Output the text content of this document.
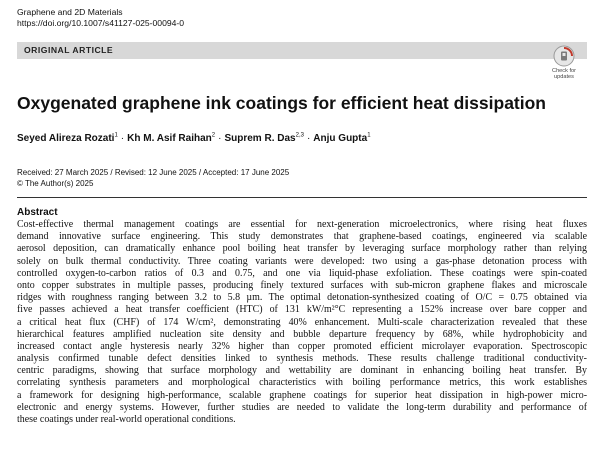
Graphene and 2D Materials
https://doi.org/10.1007/s41127-025-00094-0
ORIGINAL ARTICLE
Check for
updates
Oxygenated graphene ink coatings for efficient heat dissipation
Seyed Alireza Rozati$^1$ · Kh M. Asif Raihan$^2$ · Suprem R. Das$^{2,3}$ · Anju Gupta$^1$
Received: 27 March 2025 / Revised: 12 June 2025 / Accepted: 17 June 2025
© The Author(s) 2025
Abstract
Cost-effective thermal management coatings are essential for next-generation microelectronics, where rising heat fluxes
demand innovative surface engineering. This study demonstrates that graphene-based coatings, engineered via scalable
aerosol deposition, can dramatically enhance pool boiling heat transfer by leveraging surface morphology rather than relying
solely on bulk thermal conductivity. Three coating variants were developed: two using a gas-phase detonation process with
controlled oxygen-to-carbon ratios of 0.3 and 0.75, and one via liquid-phase exfoliation. These coatings were spin-coated
onto copper substrates in multiple passes, producing finely textured surfaces with sub-micron graphene flakes and microscale
ridges with roughness ranging between 3.2 to 5.8 µm. The optimal detonation-synthesized coating of O/C = 0.75 obtained via
five passes achieved a heat transfer coefficient (HTC) of 131 kW/m²°C representing a 152% increase over bare copper and
a critical heat flux (CHF) of 174 W/cm², demonstrating 40% enhancement. Multi-scale characterization revealed that these
hierarchical features amplified nucleation site density and bubble departure frequency by 68%, while hydrophobicity and
increased contact angle hysteresis nearly 32% higher than copper promoted efficient microlayer evaporation. Spectroscopic
analysis confirmed tunable defect densities linked to synthesis methods. These results challenge traditional conductivity-
centric paradigms, showing that surface morphology and wettability are dominant in enhancing boiling heat transfer. By
correlating synthesis parameters and morphological characteristics with boiling performance metrics, this work establishes
a framework for designing high-performance, scalable graphene coatings for superior heat dissipation in high-power micro-
electronic and energy systems. However, further studies are needed to validate the long-term durability and performance of
these coatings under real-world operational conditions.
